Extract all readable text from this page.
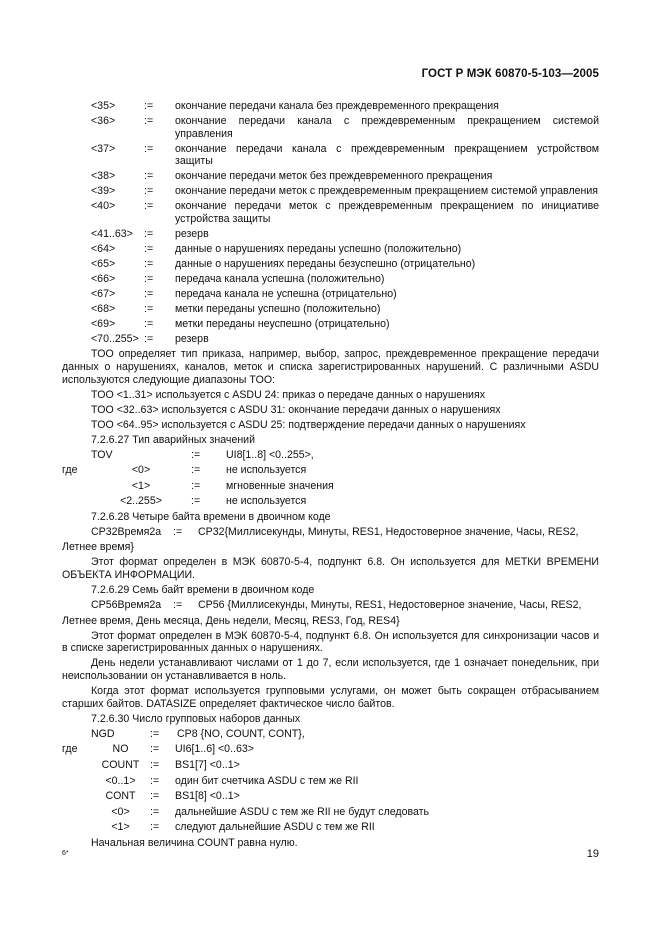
ГОСТ Р МЭК 60870-5-103—2005
<35>	:=	окончание передачи канала без преждевременного прекращения
<36>	:=	окончание передачи канала с преждевременным прекращением системой управления
<37>	:=	окончание передачи канала с преждевременным прекращением устройством защиты
<38>	:=	окончание передачи меток без преждевременного прекращения
<39>	:=	окончание передачи меток с преждевременным прекращением системой управления
<40>	:=	окончание передачи меток с преждевременным прекращением по инициативе устройства защиты
<41..63>	:=	резерв
<64>	:=	данные о нарушениях переданы успешно (положительно)
<65>	:=	данные о нарушениях переданы безуспешно (отрицательно)
<66>	:=	передача канала успешна (положительно)
<67>	:=	передача канала не успешна (отрицательно)
<68>	:=	метки переданы успешно (положительно)
<69>	:=	метки переданы неуспешно (отрицательно)
<70..255> :=	резерв

TOO определяет тип приказа, например, выбор, запрос, преждевременное прекращение передачи данных о нарушениях, каналов, меток и списка зарегистрированных нарушений. С различными ASDU используются следующие диапазоны TOO:

TOO <1..31> используется с ASDU 24: приказ о передаче данных о нарушениях

TOO <32..63> используется с ASDU 31: окончание передачи данных о нарушениях

TOO <64..95> используется с ASDU 25: подтверждение передачи данных о нарушениях

7.2.6.27 Тип аварийных значений

TOV	:=	UI8[1..8] <0..255>,
где	<0>	:=	не используется
<1>	:=	мгновенные значения
<2..255>	:=	не используется

7.2.6.28 Четыре байта времени в двоичном коде

CP32Время2а	:=	CP32{Миллисекунды, Минуты, RES1, Недостоверное значение, Часы, RES2,

Летнее время}

Этот формат определен в МЭК 60870-5-4, подпункт 6.8. Он используется для МЕТКИ ВРЕМЕНИ ОБЪЕКТА ИНФОРМАЦИИ.

7.2.6.29 Семь байт времени в двоичном коде

CP56Время2а	:=	CP56 {Миллисекунды, Минуты, RES1, Недостоверное значение, Часы, RES2,

Летнее время, День месяца, День недели, Месяц, RES3, Год, RES4}

Этот формат определен в МЭК 60870-5-4, подпункт 6.8. Он используется для синхронизации часов и в списке зарегистрированных данных о нарушениях.

День недели устанавливают числами от 1 до 7, если используется, где 1 означает понедельник, при неиспользовании он устанавливается в ноль.

Когда этот формат используется групповыми услугами, он может быть сокращен отбрасыванием старших байтов. DATASIZE определяет фактическое число байтов.

7.2.6.30 Число групповых наборов данных

NGD	:=	CP8 {NO, COUNT, CONT},
где	NO	:=	UI6[1..6] <0..63>
COUNT	:=	BS1[7] <0..1>
<0..1>	:=	один бит счетчика ASDU с тем же RII
CONT	:=	BS1[8] <0..1>
<0>	:=	дальнейшие ASDU с тем же RII не будут следовать
<1>	:=	следуют дальнейшие ASDU с тем же RII

Начальная величина COUNT равна нулю.

6*	19
